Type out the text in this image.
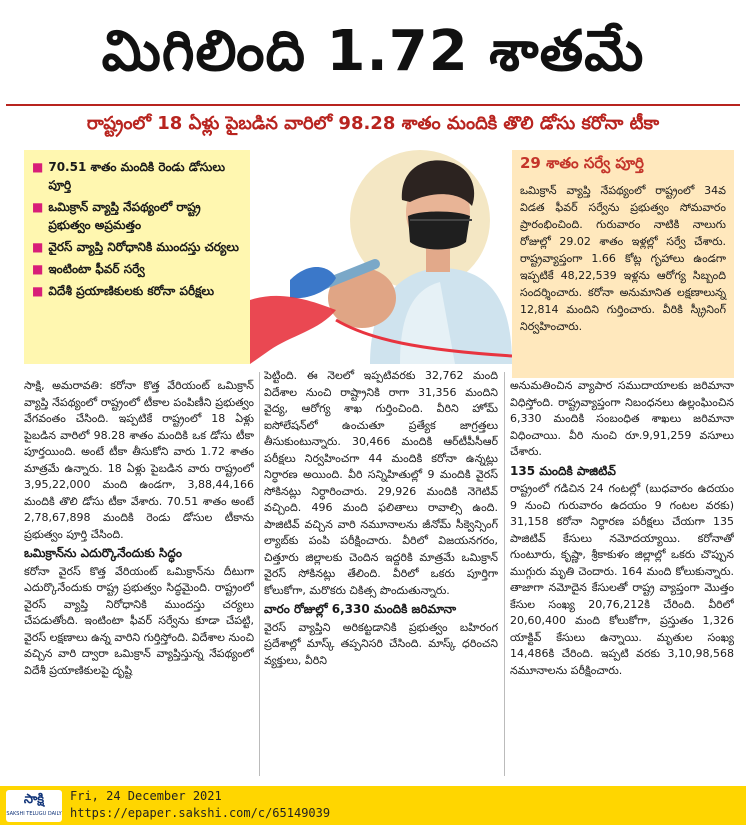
మిగిలింది 1.72 శాతమే
రాష్ట్రంలో 18 ఏళ్లు పైబడిన వారిలో 98.28 శాతం మందికి తొలి డోసు కరోనా టీకా
■ 70.51 శాతం మందికి రెండు డోసులు పూర్తి
■ ఒమిక్రాన్‌ వ్యాప్తి నేపథ్యంలో రాష్ట్ర ప్రభుత్వం అప్రమత్తం
■ వైరస్‌ వ్యాప్తి నిరోధానికి ముందస్తు చర్యలు
■ ఇంటింటా ఫీవర్‌ సర్వే
■ విదేశీ ప్రయాణికులకు కరోనా పరీక్షలు
29 శాతం సర్వే పూర్తి
ఒమిక్రాన్‌ వ్యాప్తి నేపథ్యంలో రాష్ట్రంలో 34వ విడత ఫీవర్‌ సర్వేను ప్రభుత్వం సోమవారం ప్రారంభించింది. గురువారం నాటికి నాలుగు రోజుల్లో 29.02 శాతం ఇళ్లల్లో సర్వే చేశారు. రాష్ట్రవ్యాప్తంగా 1.66 కోట్ల గృహాలు ఉండగా ఇప్పటికే 48,22,539 ఇళ్లను ఆరోగ్య సిబ్బంది సందర్శించారు. కరోనా అనుమానిత లక్షణాలున్న 12,814 మందిని గుర్తించారు. వీరికి స్క్రీనింగ్‌ నిర్వహించారు.

సాక్షి, అమరావతి: కరోనా కొత్త వేరియంట్‌ ఒమిక్రాన్‌ వ్యాప్తి నేపథ్యంలో రాష్ట్రంలో టీకాల పంపిణీని ప్రభుత్వం వేగవంతం చేసింది. ఇప్పటికే రాష్ట్రంలో 18 ఏళ్లు పైబడిన వారిలో 98.28 శాతం మందికి ఒక డోసు టీకా పూర్తయింది. అంటే టీకా తీసుకోని వారు 1.72 శాతం మాత్రమే ఉన్నారు. 18 ఏళ్లు పైబడిన వారు రాష్ట్రంలో 3,95,22,000 మంది ఉండగా, 3,88,44,166 మందికి తొలి డోసు టీకా వేశారు. 70.51 శాతం అంటే 2,78,67,898 మందికి రెండు డోసుల టీకాను ప్రభుత్వం పూర్తి చేసింది.

ఒమిక్రాన్‌ను ఎదుర్కొనేందుకు సిద్ధం

కరోనా వైరస్‌ కొత్త వేరియంట్‌ ఒమిక్రాన్‌ను దీటుగా ఎదుర్కొనేందుకు రాష్ట్ర ప్రభుత్వం సిద్ధమైంది. రాష్ట్రంలో వైరస్‌ వ్యాప్తి నిరోధానికి ముందస్తు చర్యలు చేపడుతోంది. ఇంటింటా ఫీవర్‌ సర్వేను కూడా చేపట్టి, వైరస్‌ లక్షణాలు ఉన్న వారిని గుర్తిస్తోంది. విదేశాల నుంచి వచ్చిన వారి ద్వారా ఒమిక్రాన్‌ వ్యాప్తిస్తున్న నేపథ్యంలో విదేశీ ప్రయాణికులపై దృష్టి

పెట్టింది. ఈ నెలలో ఇప్పటివరకు 32,762 మంది విదేశాల నుంచి రాష్ట్రానికి రాగా 31,356 మందిని వైద్య, ఆరోగ్య శాఖ గుర్తించింది. వీరిని హోమ్‌ ఐసోలేషన్‌లో ఉంచుతూ ప్రత్యేక జాగ్రత్తలు తీసుకుంటున్నారు. 30,466 మందికి ఆర్‌టీపీసీఆర్‌ పరీక్షలు నిర్వహించగా 44 మందికి కరోనా ఉన్నట్లు నిర్ధారణ అయింది. వీరి సన్నిహితుల్లో 9 మందికి వైరస్‌ సోకినట్లు నిర్ధారించారు. 29,926 మందికి నెగెటివ్‌ వచ్చింది. 496 మంది ఫలితాలు రావాల్సి ఉంది. పాజిటివ్‌ వచ్చిన వారి నమూనాలను జీనోమ్‌ సీక్వెన్సింగ్‌ ల్యాబ్‌కు పంపి పరీక్షించారు. వీరిలో విజయనగరం, చిత్తూరు జిల్లాలకు చెందిన ఇద్దరికి మాత్రమే ఒమిక్రాన్‌ వైరస్‌ సోకినట్లు తేలింది. వీరిలో ఒకరు పూర్తిగా కోలుకోగా, మరొకరు చికిత్స పొందుతున్నారు.

వారం రోజుల్లో 6,330 మందికి జరిమానా

వైరస్‌ వ్యాప్తిని అరికట్టడానికి ప్రభుత్వం బహిరంగ ప్రదేశాల్లో మాస్క్‌ తప్పనిసరి చేసింది. మాస్క్‌ ధరించని వ్యక్తులు, వీరిని

అనుమతించిన వ్యాపార సముదాయాలకు జరిమానా విధిస్తోంది. రాష్ట్రవ్యాప్తంగా నిబంధనలు ఉల్లంఘించిన 6,330 మందికి సంబంధిత శాఖలు జరిమానా విధించాయి. వీరి నుంచి రూ.9,91,259 వసూలు చేశారు.

135 మందికి పాజిటివ్‌

రాష్ట్రంలో గడిచిన 24 గంటల్లో (బుధవారం ఉదయం 9 నుంచి గురువారం ఉదయం 9 గంటల వరకు) 31,158 కరోనా నిర్ధారణ పరీక్షలు చేయగా 135 పాజిటివ్‌ కేసులు నమోదయ్యాయి. కరోనాతో గుంటూరు, కృష్ణా, శ్రీకాకుళం జిల్లాల్లో ఒకరు చొప్పున ముగ్గురు మృతి చెందారు. 164 మంది కోలుకున్నారు. తాజాగా నమోదైన కేసులతో రాష్ట్ర వ్యాప్తంగా మొత్తం కేసుల సంఖ్య 20,76,212కి చేరింది. వీరిలో 20,60,400 మంది కోలుకోగా, ప్రస్తుతం 1,326 యాక్టివ్‌ కేసులు ఉన్నాయి. మృతుల సంఖ్య 14,486కి చేరింది. ఇప్పటి వరకు 3,10,98,568 నమూనాలను పరీక్షించారు.

సాక్షి
SAKSHI TELUGU DAILY
Fri, 24 December 2021
https://epaper.sakshi.com/c/65149039
